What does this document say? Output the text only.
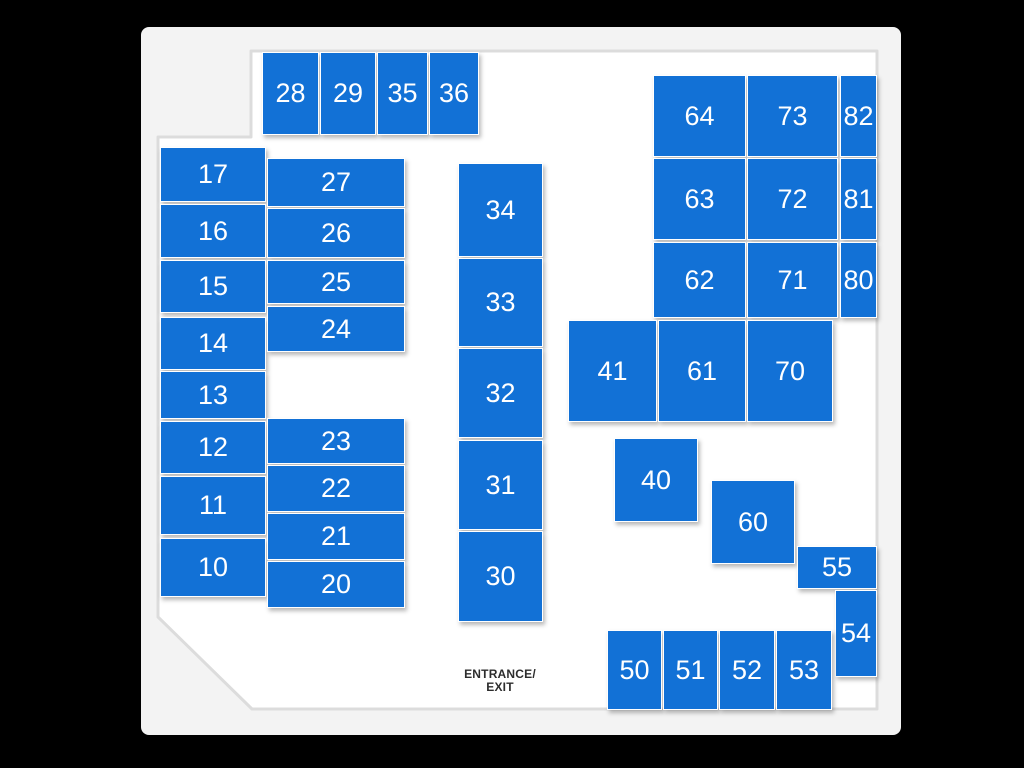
28 29 35 36
17
16
15
14
13
12
11
10
27
26
25
24
23
22
21
20
34
33
32
31
30
64 73 82
63 72 81
62 71 80
41 61 70
40
60
55
54
50 51 52 53
ENTRANCE/
EXIT
